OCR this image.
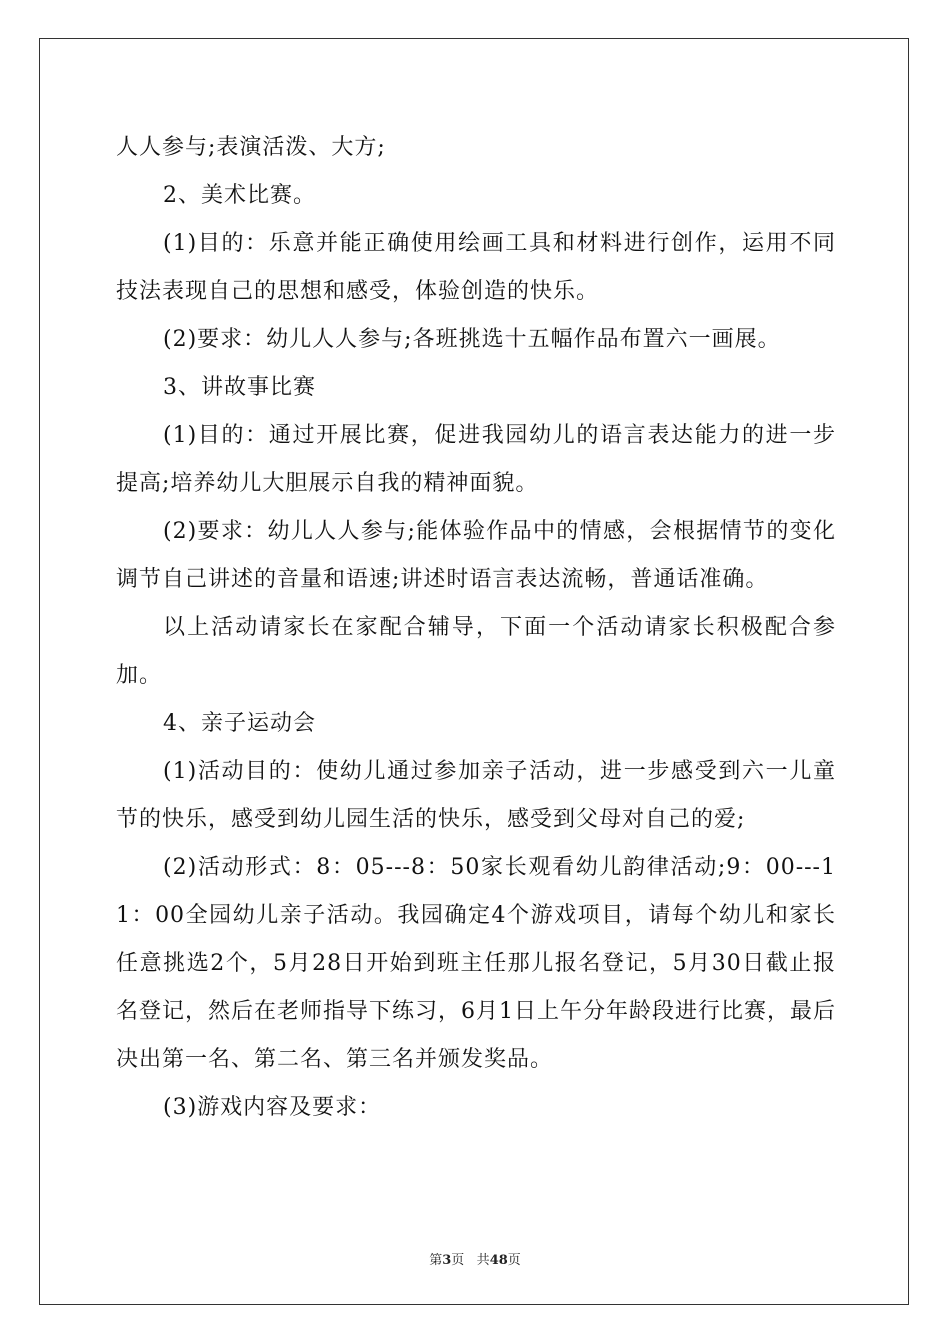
人人参与;表演活泼、大方;

2、美术比赛。

(1)目的：乐意并能正确使用绘画工具和材料进行创作，运用不同技法表现自己的思想和感受，体验创造的快乐。

(2)要求：幼儿人人参与;各班挑选十五幅作品布置六一画展。

3、讲故事比赛

(1)目的：通过开展比赛，促进我园幼儿的语言表达能力的进一步提高;培养幼儿大胆展示自我的精神面貌。

(2)要求：幼儿人人参与;能体验作品中的情感，会根据情节的变化调节自己讲述的音量和语速;讲述时语言表达流畅，普通话准确。

以上活动请家长在家配合辅导，下面一个活动请家长积极配合参加。

4、亲子运动会

(1)活动目的：使幼儿通过参加亲子活动，进一步感受到六一儿童节的快乐，感受到幼儿园生活的快乐，感受到父母对自己的爱;

(2)活动形式：8：05---8：50家长观看幼儿韵律活动;9：00---11：00全园幼儿亲子活动。我园确定4个游戏项目，请每个幼儿和家长任意挑选2个，5月28日开始到班主任那儿报名登记，5月30日截止报名登记，然后在老师指导下练习，6月1日上午分年龄段进行比赛，最后决出第一名、第二名、第三名并颁发奖品。

(3)游戏内容及要求：

第3页 共48页
